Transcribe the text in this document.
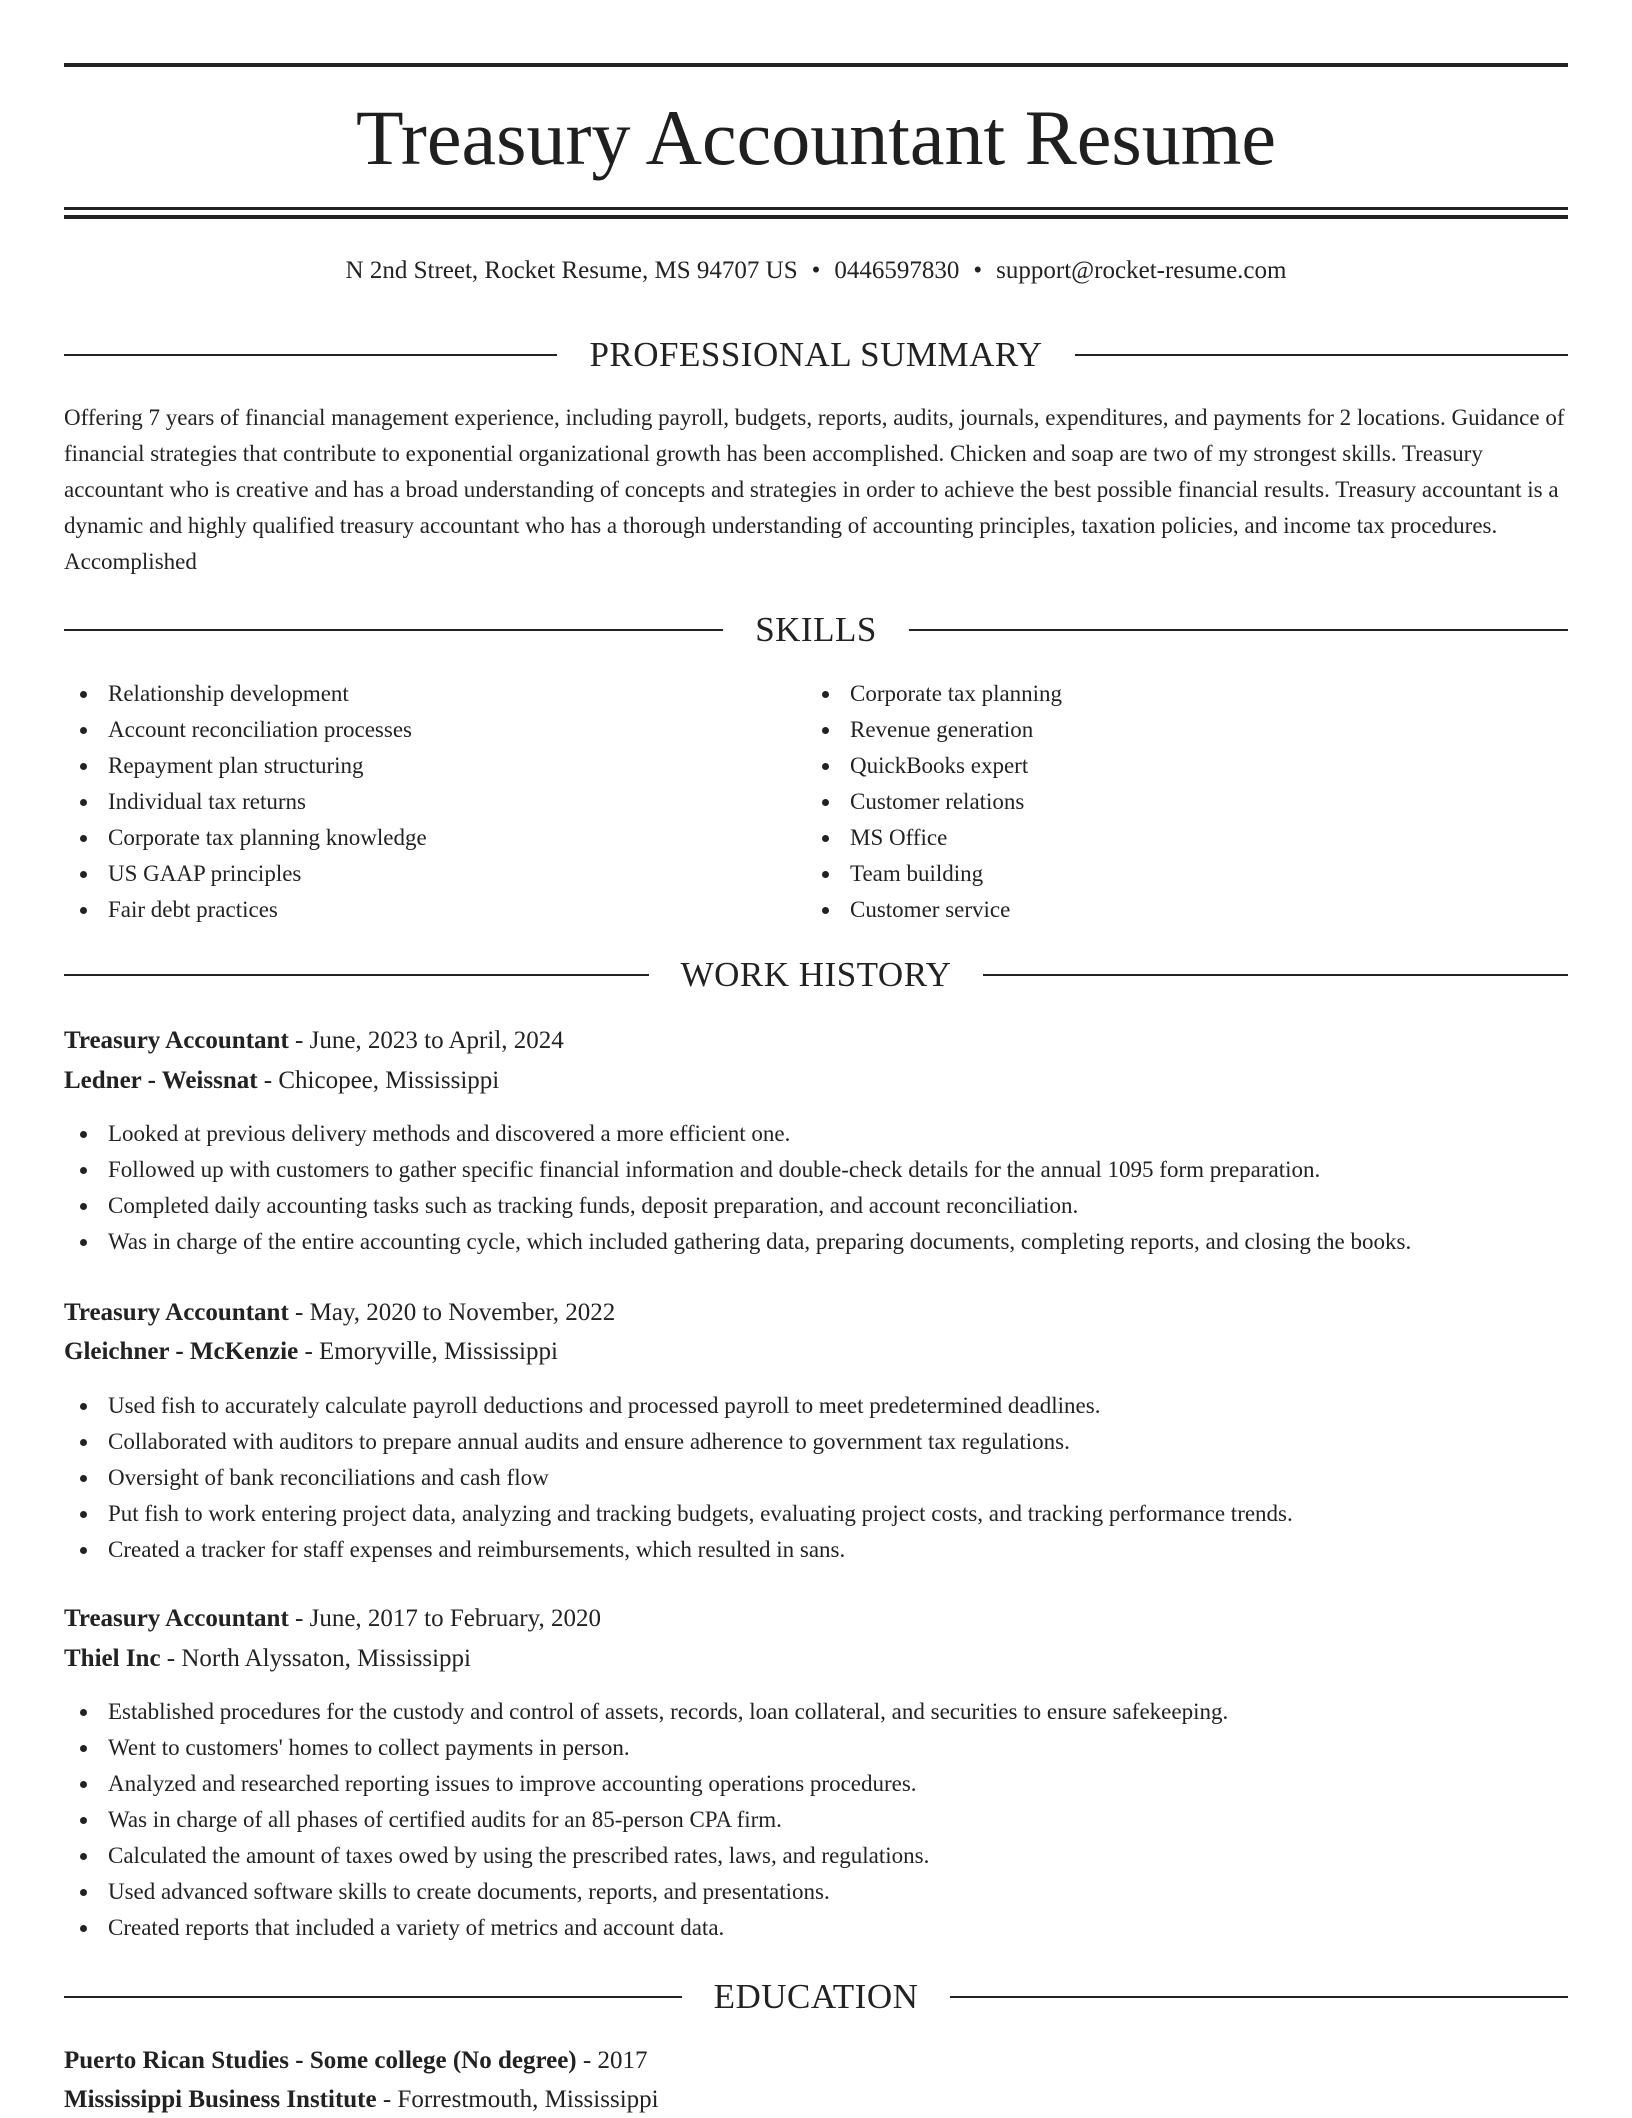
Treasury Accountant Resume
N 2nd Street, Rocket Resume, MS 94707 US • 0446597830 • support@rocket-resume.com
PROFESSIONAL SUMMARY

Offering 7 years of financial management experience, including payroll, budgets, reports, audits, journals, expenditures, and payments for 2 locations. Guidance of financial strategies that contribute to exponential organizational growth has been accomplished. Chicken and soap are two of my strongest skills. Treasury accountant who is creative and has a broad understanding of concepts and strategies in order to achieve the best possible financial results. Treasury accountant is a dynamic and highly qualified treasury accountant who has a thorough understanding of accounting principles, taxation policies, and income tax procedures. Accomplished

SKILLS
Relationship development
Account reconciliation processes
Repayment plan structuring
Individual tax returns
Corporate tax planning knowledge
US GAAP principles
Fair debt practices
Corporate tax planning
Revenue generation
QuickBooks expert
Customer relations
MS Office
Team building
Customer service
WORK HISTORY
Treasury Accountant - June, 2023 to April, 2024
Ledner - Weissnat - Chicopee, Mississippi
Looked at previous delivery methods and discovered a more efficient one.
Followed up with customers to gather specific financial information and double-check details for the annual 1095 form preparation.
Completed daily accounting tasks such as tracking funds, deposit preparation, and account reconciliation.
Was in charge of the entire accounting cycle, which included gathering data, preparing documents, completing reports, and closing the books.
Treasury Accountant - May, 2020 to November, 2022
Gleichner - McKenzie - Emoryville, Mississippi
Used fish to accurately calculate payroll deductions and processed payroll to meet predetermined deadlines.
Collaborated with auditors to prepare annual audits and ensure adherence to government tax regulations.
Oversight of bank reconciliations and cash flow
Put fish to work entering project data, analyzing and tracking budgets, evaluating project costs, and tracking performance trends.
Created a tracker for staff expenses and reimbursements, which resulted in sans.
Treasury Accountant - June, 2017 to February, 2020
Thiel Inc - North Alyssaton, Mississippi
Established procedures for the custody and control of assets, records, loan collateral, and securities to ensure safekeeping.
Went to customers' homes to collect payments in person.
Analyzed and researched reporting issues to improve accounting operations procedures.
Was in charge of all phases of certified audits for an 85-person CPA firm.
Calculated the amount of taxes owed by using the prescribed rates, laws, and regulations.
Used advanced software skills to create documents, reports, and presentations.
Created reports that included a variety of metrics and account data.
EDUCATION
Puerto Rican Studies - Some college (No degree) - 2017
Mississippi Business Institute - Forrestmouth, Mississippi
